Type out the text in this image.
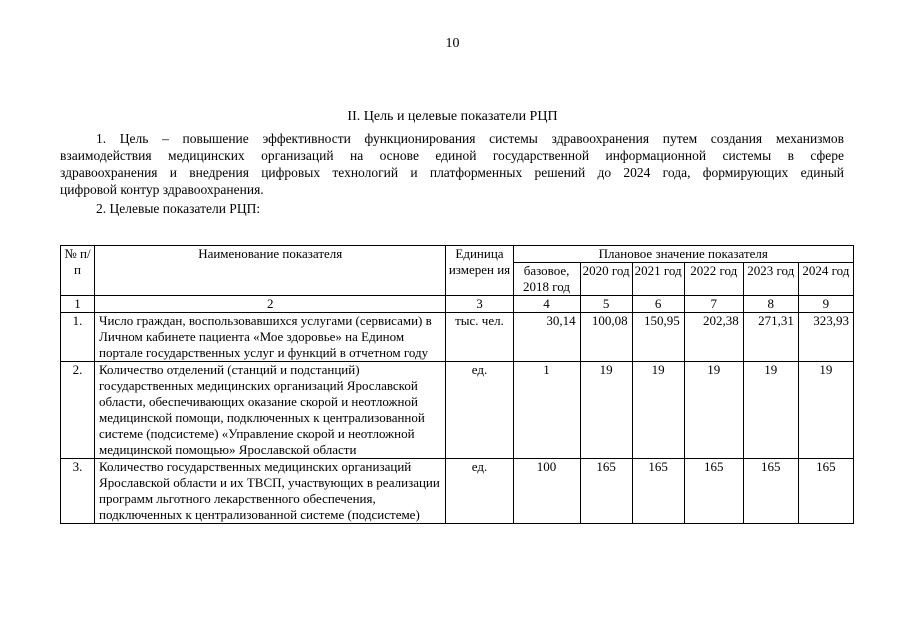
10
II. Цель и целевые показатели РЦП
1. Цель – повышение эффективности функционирования системы здравоохранения путем создания механизмов
взаимодействия медицинских организаций на основе единой государственной информационной системы в сфере
здравоохранения и внедрения цифровых технологий и платформенных решений до 2024 года, формирующих единый
цифровой контур здравоохранения.
2. Целевые показатели РЦП:
№ п/п	Наименование показателя	Единица измерен ия	Плановое значение показателя					
			базовое, 2018 год	2020 год	2021 год	2022 год	2023 год	2024 год
1	2	3	4	5	6	7	8	9
1.	Число граждан, воспользовавшихся услугами (сервисами) в Личном кабинете пациента «Мое здоровье» на Едином портале государственных услуг и функций в отчетном году	тыс. чел.	30,14	100,08	150,95	202,38	271,31	323,93
2.	Количество отделений (станций и подстанций) государственных медицинских организаций Ярославской области, обеспечивающих оказание скорой и неотложной медицинской помощи, подключенных к централизованной системе (подсистеме) «Управление скорой и неотложной медицинской помощью» Ярославской области	ед.	1	19	19	19	19	19
3.	Количество государственных медицинских организаций Ярославской области и их ТВСП, участвующих в реализации программ льготного лекарственного обеспечения, подключенных к централизованной системе (подсистеме)	ед.	100	165	165	165	165	165
